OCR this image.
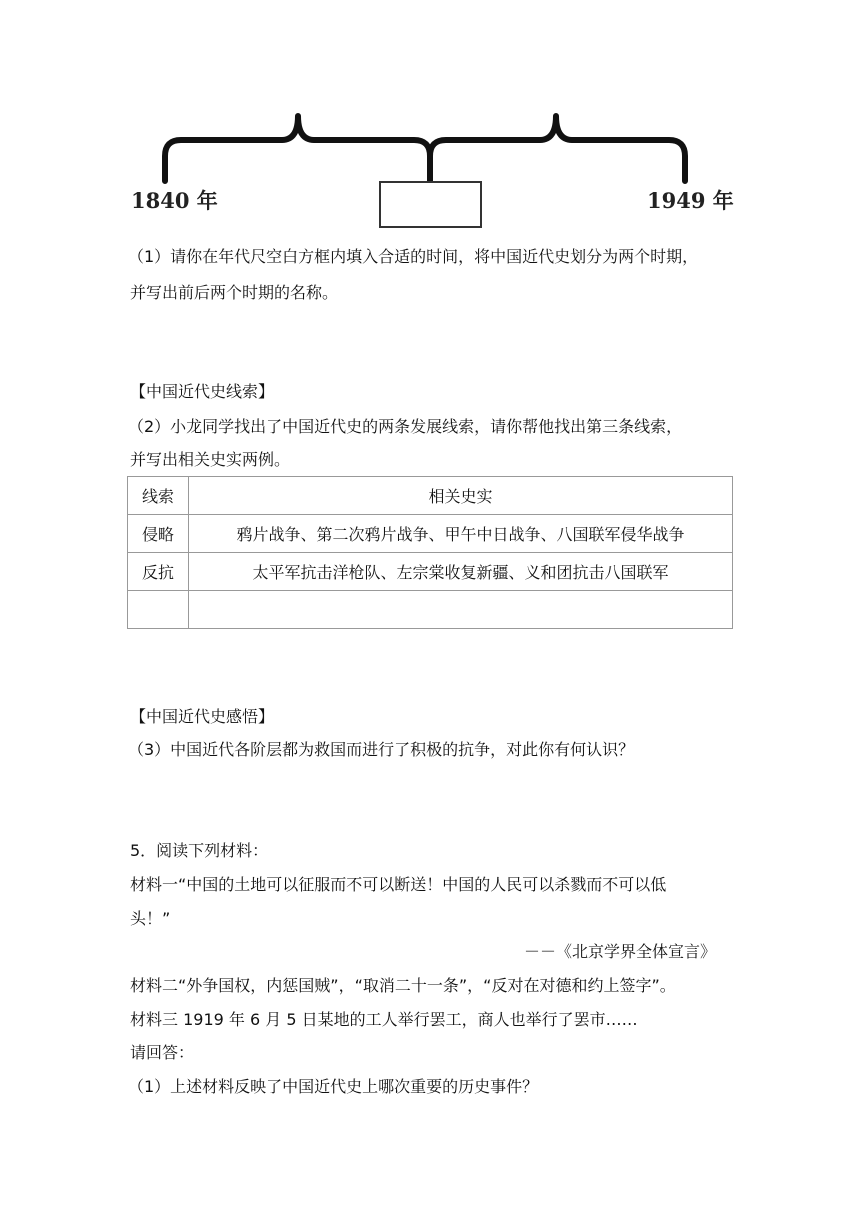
1840 年	1949 年
（1）请你在年代尺空白方框内填入合适的时间，将中国近代史划分为两个时期，
并写出前后两个时期的名称。
【中国近代史线索】
（2）小龙同学找出了中国近代史的两条发展线索，请你帮他找出第三条线索，
并写出相关史实两例。
线索	相关史实
侵略	鸦片战争、第二次鸦片战争、甲午中日战争、八国联军侵华战争
反抗	太平军抗击洋枪队、左宗棠收复新疆、义和团抗击八国联军

【中国近代史感悟】
（3）中国近代各阶层都为救国而进行了积极的抗争，对此你有何认识？
5．阅读下列材料：
材料一“中国的土地可以征服而不可以断送！中国的人民可以杀戮而不可以低
头！”
－－《北京学界全体宣言》
材料二“外争国权，内惩国贼”，“取消二十一条”，“反对在对德和约上签字”。
材料三 1919 年 6 月 5 日某地的工人举行罢工，商人也举行了罢市……
请回答：
（1）上述材料反映了中国近代史上哪次重要的历史事件？
